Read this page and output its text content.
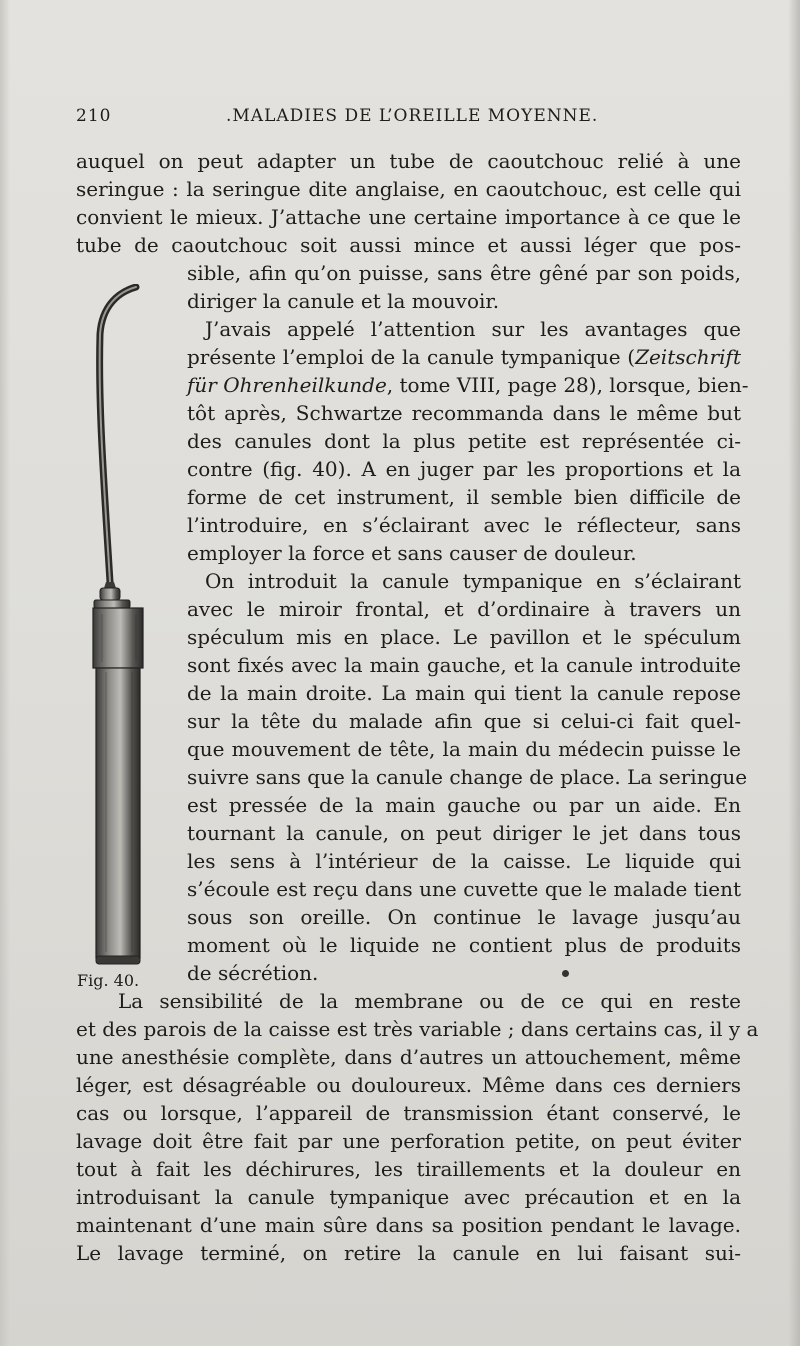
210	.MALADIES DE L’OREILLE MOYENNE.
Fig. 40.
auquel on peut adapter un tube de caoutchouc relié à une
seringue : la seringue dite anglaise, en caoutchouc, est celle qui
convient le mieux. J’attache une certaine importance à ce que le
tube de caoutchouc soit aussi mince et aussi léger que pos-
sible, afin qu’on puisse, sans être gêné par son poids,
diriger la canule et la mouvoir.
J’avais appelé l’attention sur les avantages que
présente l’emploi de la canule tympanique (Zeitschrift
für Ohrenheilkunde, tome VIII, page 28), lorsque, bien-
tôt après, Schwartze recommanda dans le même but
des canules dont la plus petite est représentée ci-
contre (fig. 40). A en juger par les proportions et la
forme de cet instrument, il semble bien difficile de
l’introduire, en s’éclairant avec le réflecteur, sans
employer la force et sans causer de douleur.
On introduit la canule tympanique en s’éclairant
avec le miroir frontal, et d’ordinaire à travers un
spéculum mis en place. Le pavillon et le spéculum
sont fixés avec la main gauche, et la canule introduite
de la main droite. La main qui tient la canule repose
sur la tête du malade afin que si celui-ci fait quel-
que mouvement de tête, la main du médecin puisse le
suivre sans que la canule change de place. La seringue
est pressée de la main gauche ou par un aide. En
tournant la canule, on peut diriger le jet dans tous
les sens à l’intérieur de la caisse. Le liquide qui
s’écoule est reçu dans une cuvette que le malade tient
sous son oreille. On continue le lavage jusqu’au
moment où le liquide ne contient plus de produits
de sécrétion.
La sensibilité de la membrane ou de ce qui en reste
et des parois de la caisse est très variable ; dans certains cas, il y a
une anesthésie complète, dans d’autres un attouchement, même
léger, est désagréable ou douloureux. Même dans ces derniers
cas ou lorsque, l’appareil de transmission étant conservé, le
lavage doit être fait par une perforation petite, on peut éviter
tout à fait les déchirures, les tiraillements et la douleur en
introduisant la canule tympanique avec précaution et en la
maintenant d’une main sûre dans sa position pendant le lavage.
Le lavage terminé, on retire la canule en lui faisant sui-
